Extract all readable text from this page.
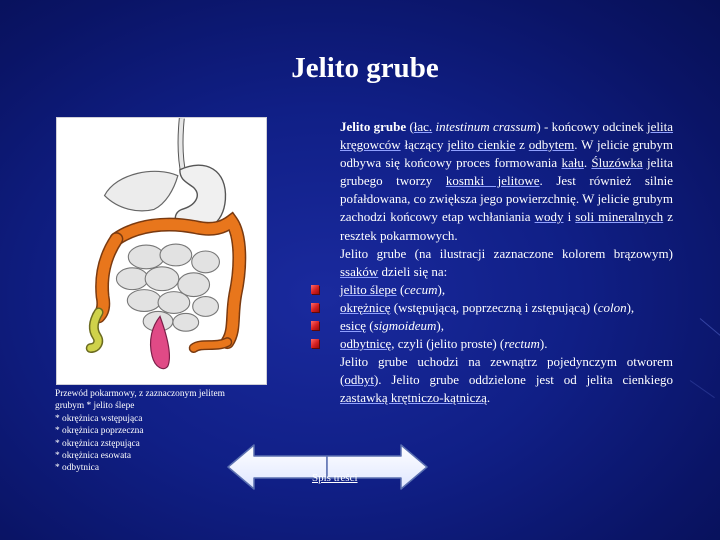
Jelito grube
Przewód pokarmowy, z zaznaczonym jelitem
grubym * jelito ślepe
* okrężnica wstępująca
* okrężnica poprzeczna
* okrężnica zstępująca
* okrężnica esowata
* odbytnica

Jelito grube (łac. intestinum crassum) - końcowy odcinek jelita kręgowców łączący jelito cienkie z odbytem. W jelicie grubym odbywa się końcowy proces formowania kału. Śluzówka jelita grubego tworzy kosmki jelitowe. Jest również silnie pofałdowana, co zwiększa jego powierzchnię. W jelicie grubym zachodzi końcowy etap wchłaniania wody i soli mineralnych z resztek pokarmowych.

Jelito grube (na ilustracji zaznaczone kolorem brązowym) ssaków dzieli się na:

jelito ślepe (cecum),
okrężnicę (wstępującą, poprzeczną i zstępującą) (colon),
esicę (sigmoideum),
odbytnicę, czyli (jelito proste) (rectum).

Jelito grube uchodzi na zewnątrz pojedynczym otworem (odbyt). Jelito grube oddzielone jest od jelita cienkiego zastawką krętniczo-kątniczą.

Spis treści
